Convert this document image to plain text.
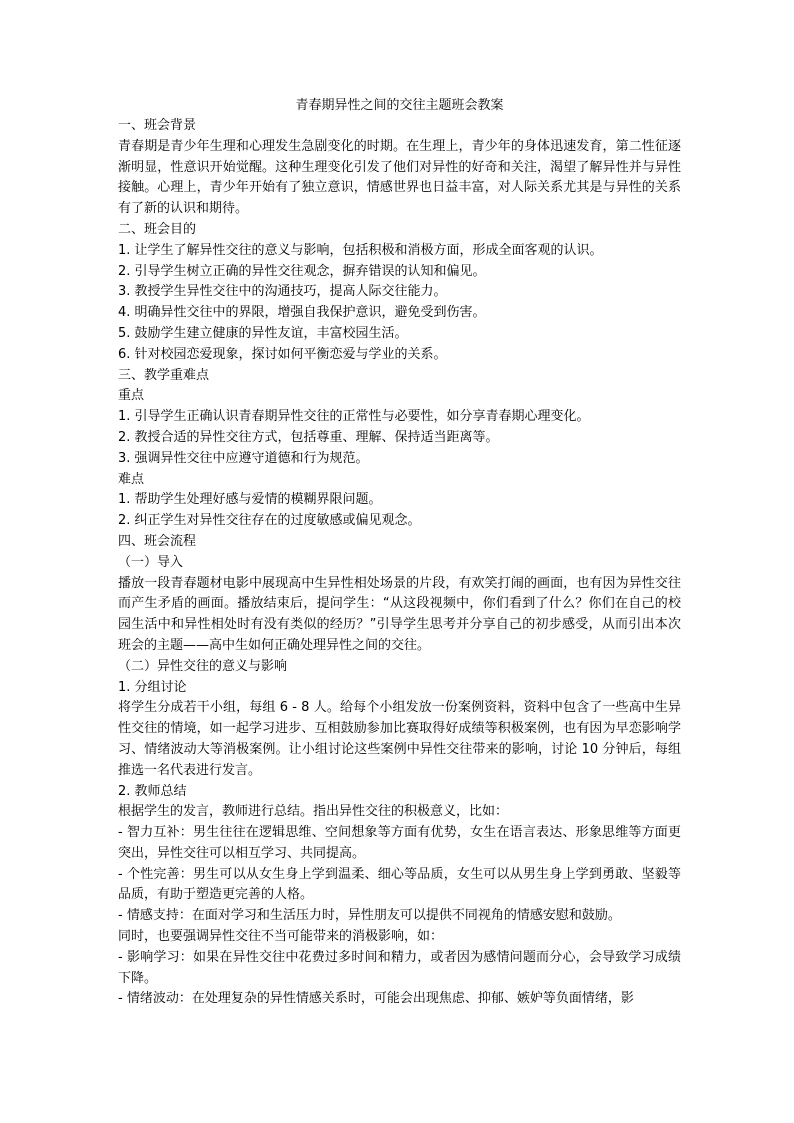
青春期异性之间的交往主题班会教案

一、班会背景

青春期是青少年生理和心理发生急剧变化的时期。在生理上，青少年的身体迅速发育，第二性征逐渐明显，性意识开始觉醒。这种生理变化引发了他们对异性的好奇和关注，渴望了解异性并与异性接触。心理上，青少年开始有了独立意识，情感世界也日益丰富，对人际关系尤其是与异性的关系有了新的认识和期待。

二、班会目的

1. 让学生了解异性交往的意义与影响，包括积极和消极方面，形成全面客观的认识。

2. 引导学生树立正确的异性交往观念，摒弃错误的认知和偏见。

3. 教授学生异性交往中的沟通技巧，提高人际交往能力。

4. 明确异性交往中的界限，增强自我保护意识，避免受到伤害。

5. 鼓励学生建立健康的异性友谊，丰富校园生活。

6. 针对校园恋爱现象，探讨如何平衡恋爱与学业的关系。

三、教学重难点

重点

1. 引导学生正确认识青春期异性交往的正常性与必要性，如分享青春期心理变化。

2. 教授合适的异性交往方式，包括尊重、理解、保持适当距离等。

3. 强调异性交往中应遵守道德和行为规范。

难点

1. 帮助学生处理好感与爱情的模糊界限问题。

2. 纠正学生对异性交往存在的过度敏感或偏见观念。

四、班会流程

（一）导入

播放一段青春题材电影中展现高中生异性相处场景的片段，有欢笑打闹的画面，也有因为异性交往而产生矛盾的画面。播放结束后，提问学生：“从这段视频中，你们看到了什么？你们在自己的校园生活中和异性相处时有没有类似的经历？”引导学生思考并分享自己的初步感受，从而引出本次班会的主题——高中生如何正确处理异性之间的交往。

（二）异性交往的意义与影响

1. 分组讨论

将学生分成若干小组，每组 6 - 8 人。给每个小组发放一份案例资料，资料中包含了一些高中生异性交往的情境，如一起学习进步、互相鼓励参加比赛取得好成绩等积极案例，也有因为早恋影响学习、情绪波动大等消极案例。让小组讨论这些案例中异性交往带来的影响，讨论 10 分钟后，每组推选一名代表进行发言。

2. 教师总结

根据学生的发言，教师进行总结。指出异性交往的积极意义，比如：

- 智力互补：男生往往在逻辑思维、空间想象等方面有优势，女生在语言表达、形象思维等方面更突出，异性交往可以相互学习、共同提高。

- 个性完善：男生可以从女生身上学到温柔、细心等品质，女生可以从男生身上学到勇敢、坚毅等品质，有助于塑造更完善的人格。

- 情感支持：在面对学习和生活压力时，异性朋友可以提供不同视角的情感安慰和鼓励。

同时，也要强调异性交往不当可能带来的消极影响，如：

- 影响学习：如果在异性交往中花费过多时间和精力，或者因为感情问题而分心，会导致学习成绩下降。

- 情绪波动：在处理复杂的异性情感关系时，可能会出现焦虑、抑郁、嫉妒等负面情绪，影
